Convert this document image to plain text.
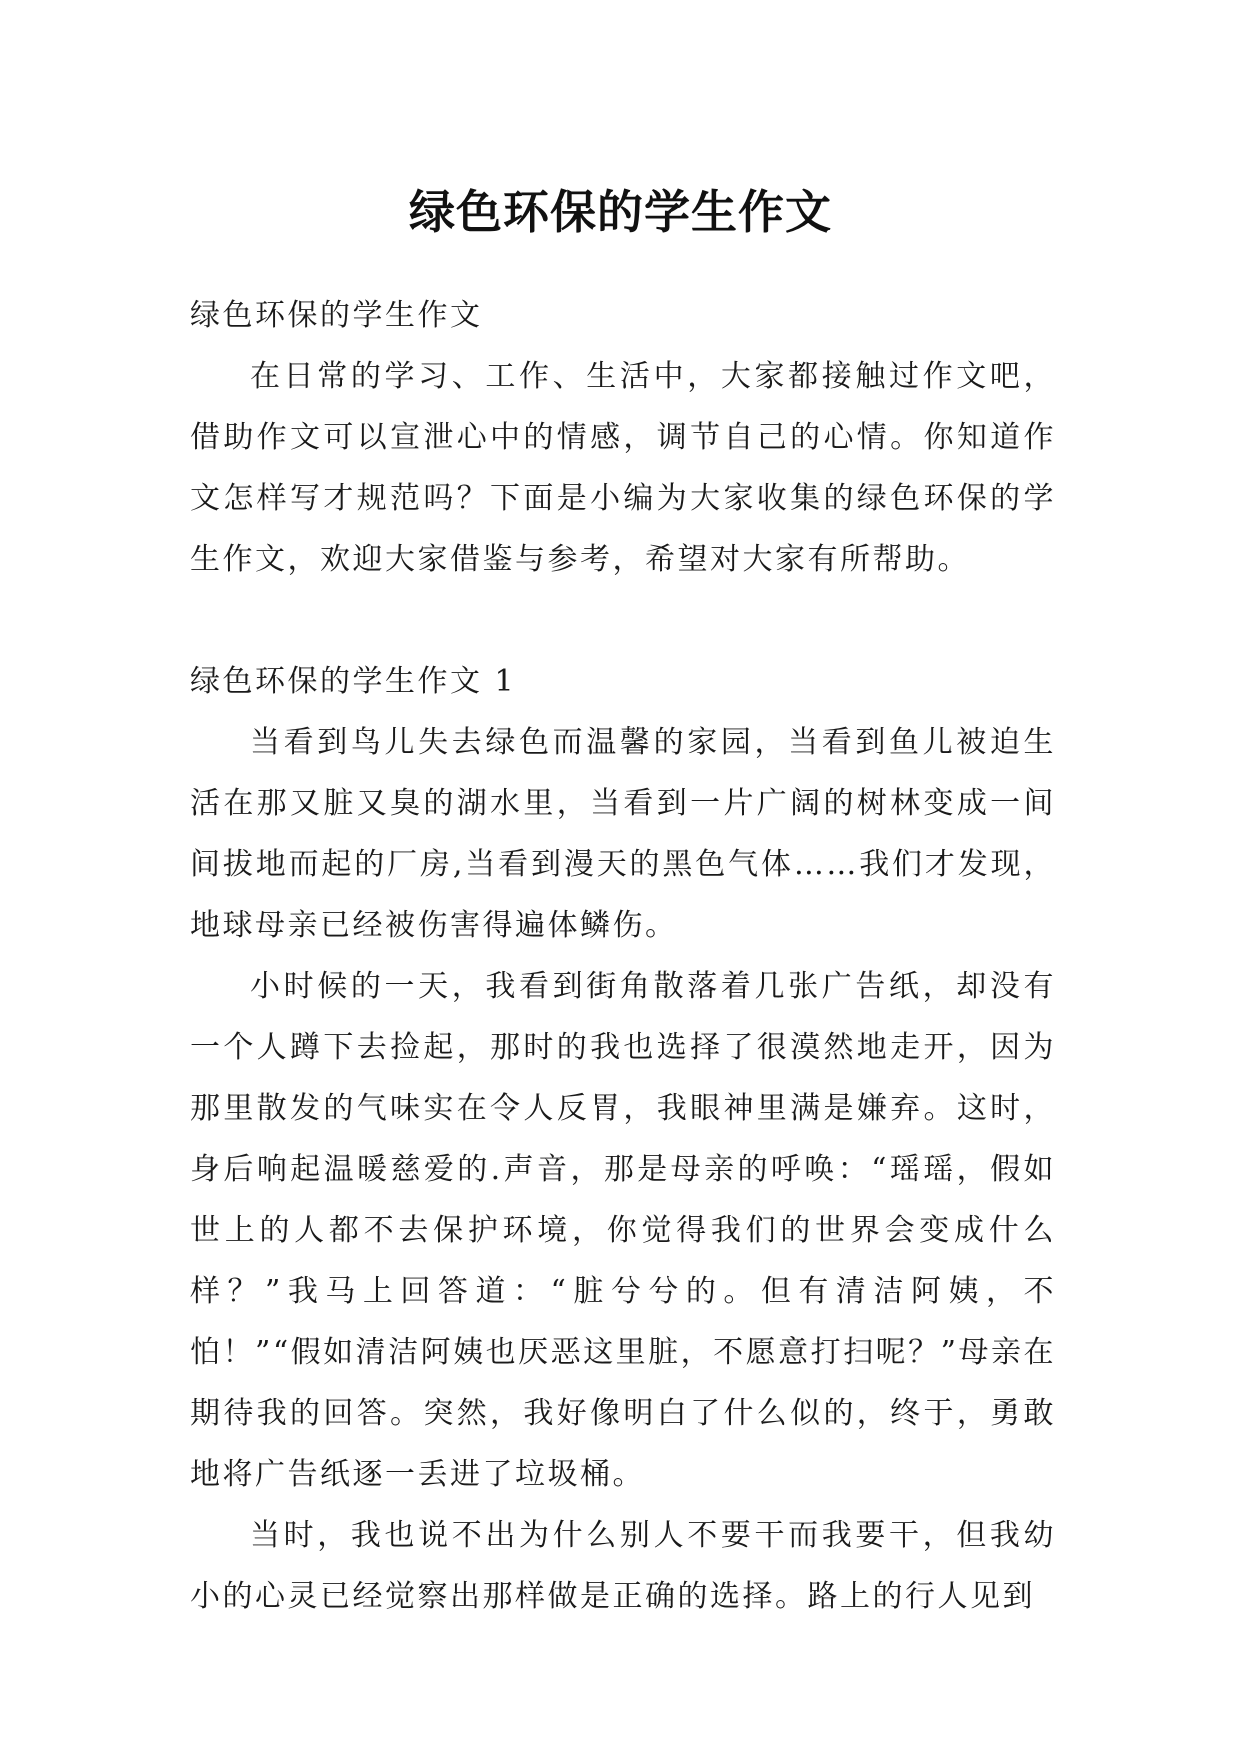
绿色环保的学生作文

绿色环保的学生作文

在日常的学习、工作、生活中，大家都接触过作文吧，借助作文可以宣泄心中的情感，调节自己的心情。你知道作文怎样写才规范吗？下面是小编为大家收集的绿色环保的学生作文，欢迎大家借鉴与参考，希望对大家有所帮助。

绿色环保的学生作文 1

当看到鸟儿失去绿色而温馨的家园，当看到鱼儿被迫生活在那又脏又臭的湖水里，当看到一片广阔的树林变成一间间拔地而起的厂房,当看到漫天的黑色气体……我们才发现，地球母亲已经被伤害得遍体鳞伤。

小时候的一天，我看到街角散落着几张广告纸，却没有一个人蹲下去捡起，那时的我也选择了很漠然地走开，因为那里散发的气味实在令人反胃，我眼神里满是嫌弃。这时，身后响起温暖慈爱的.声音，那是母亲的呼唤：“瑶瑶，假如世上的人都不去保护环境，你觉得我们的世界会变成什么样？”我马上回答道：“脏兮兮的。但有清洁阿姨，不怕！”“假如清洁阿姨也厌恶这里脏，不愿意打扫呢？”母亲在期待我的回答。突然，我好像明白了什么似的，终于，勇敢地将广告纸逐一丢进了垃圾桶。

当时，我也说不出为什么别人不要干而我要干，但我幼小的心灵已经觉察出那样做是正确的选择。路上的行人见到
